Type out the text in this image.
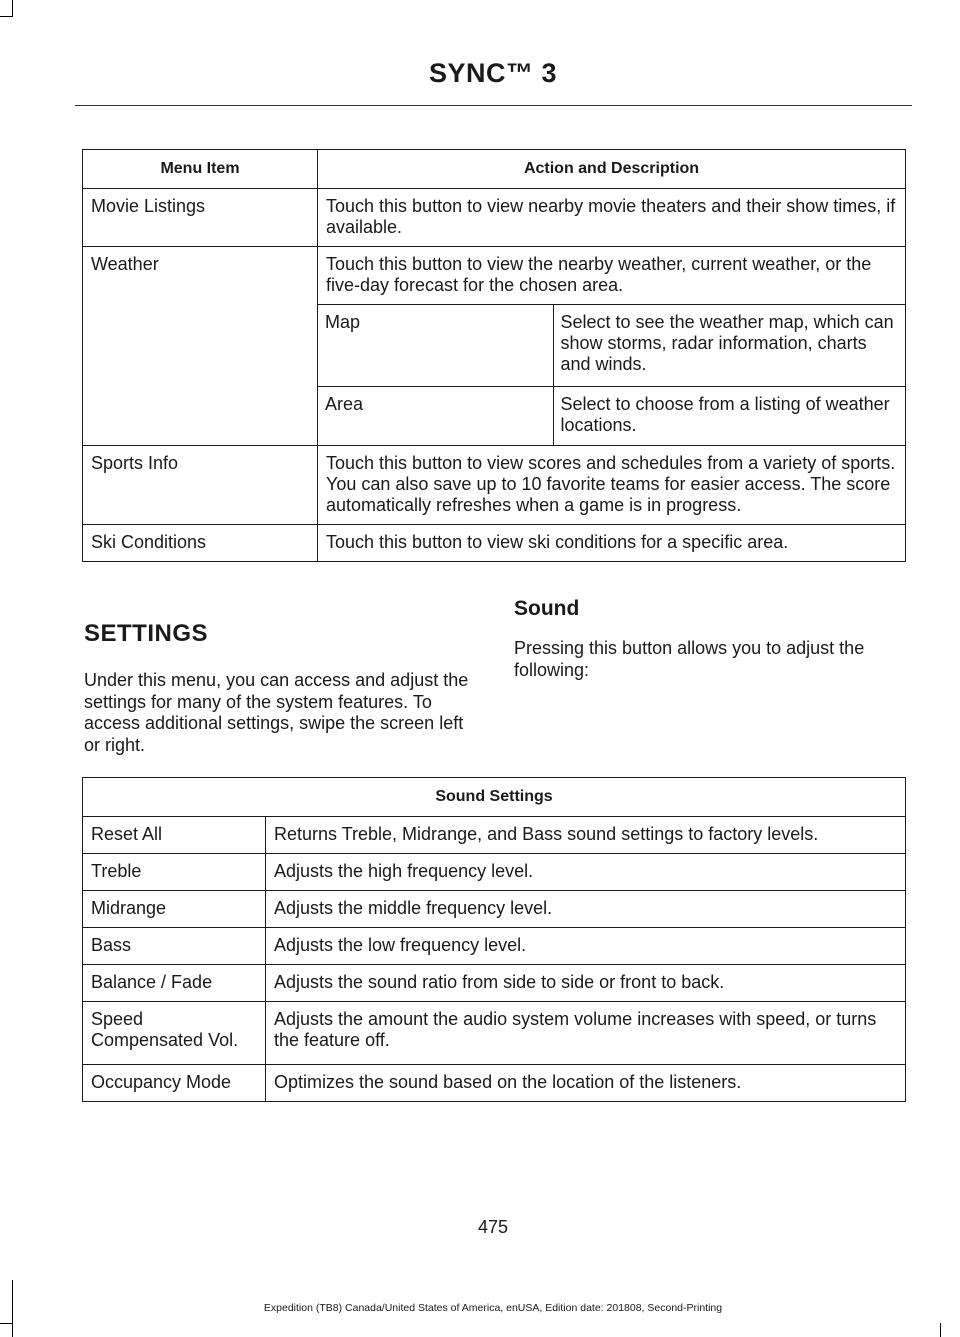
SYNC™ 3
Menu Item	Action and Description
Movie Listings	Touch this button to view nearby movie theaters and their show times, if available.
Weather	Touch this button to view the nearby weather, current weather, or the five-day forecast for the chosen area.
Map	Select to see the weather map, which can show storms, radar information, charts and winds.
Area	Select to choose from a listing of weather locations.

Sports Info	Touch this button to view scores and schedules from a variety of sports. You can also save up to 10 favorite teams for easier access. The score automatically refreshes when a game is in progress.
Ski Conditions	Touch this button to view ski conditions for a specific area.
SETTINGS
Under this menu, you can access and adjust the settings for many of the system features. To access additional settings, swipe the screen left or right.
Sound
Pressing this button allows you to adjust the following:
Sound Settings	
Reset All	Returns Treble, Midrange, and Bass sound settings to factory levels.
Treble	Adjusts the high frequency level.
Midrange	Adjusts the middle frequency level.
Bass	Adjusts the low frequency level.
Balance / Fade	Adjusts the sound ratio from side to side or front to back.
Speed Compensated Vol.	Adjusts the amount the audio system volume increases with speed, or turns the feature off.
Occupancy Mode	Optimizes the sound based on the location of the listeners.
475
Expedition (TB8) Canada/United States of America, enUSA, Edition date: 201808, Second-Printing
